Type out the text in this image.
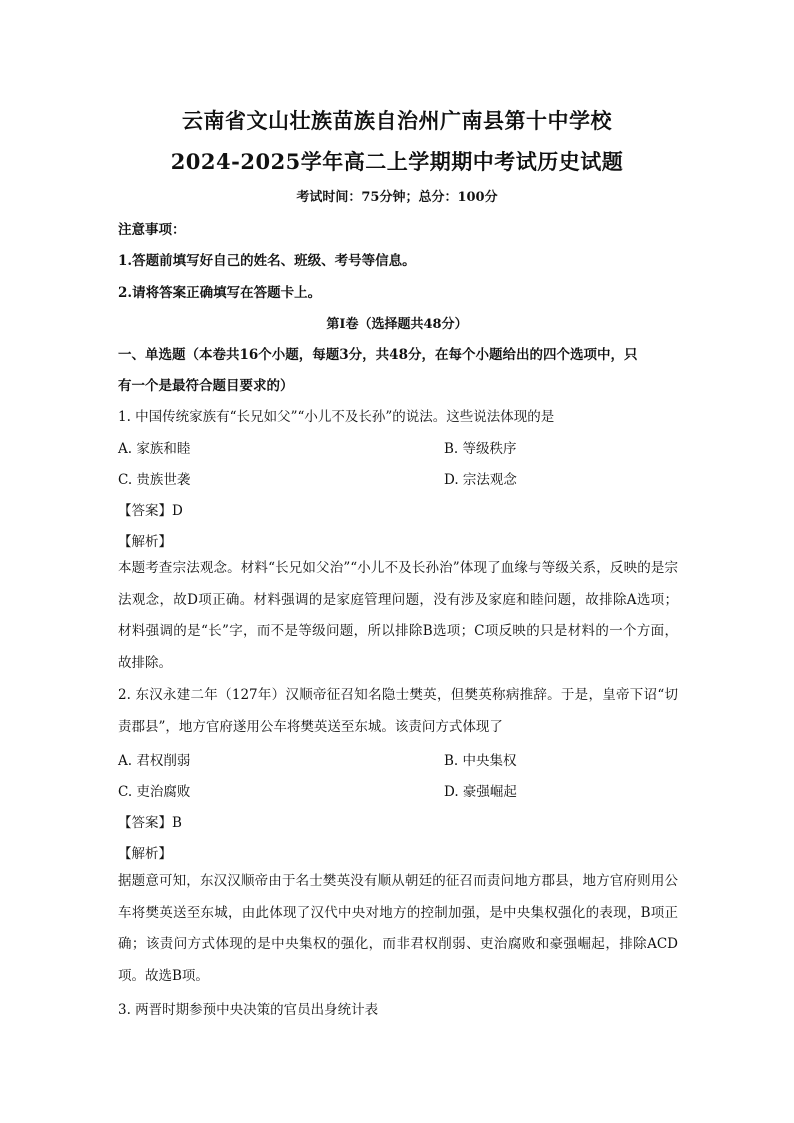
云南省文山壮族苗族自治州广南县第十中学校
2024-2025学年高二上学期期中考试历史试题
考试时间：75分钟；总分：100分
注意事项：
1.答题前填写好自己的姓名、班级、考号等信息。
2.请将答案正确填写在答题卡上。
第Ⅰ卷（选择题共48分）
一、单选题（本卷共16个小题，每题3分，共48分，在每个小题给出的四个选项中，只
有一个是最符合题目要求的）
1. 中国传统家族有“长兄如父”“小儿不及长孙”的说法。这些说法体现的是
A. 家族和睦	B. 等级秩序
C. 贵族世袭	D. 宗法观念
【答案】D
【解析】
本题考查宗法观念。材料“长兄如父治”“小儿不及长孙治”体现了血缘与等级关系，反映的是宗法观念，故D项正确。材料强调的是家庭管理问题，没有涉及家庭和睦问题，故排除A选项；材料强调的是“长”字，而不是等级问题，所以排除B选项；C项反映的只是材料的一个方面，故排除。
2. 东汉永建二年（127年）汉顺帝征召知名隐士樊英，但樊英称病推辞。于是，皇帝下诏“切责郡县”，地方官府遂用公车将樊英送至东城。该责问方式体现了
A. 君权削弱	B. 中央集权
C. 吏治腐败	D. 豪强崛起
【答案】B
【解析】
据题意可知，东汉汉顺帝由于名士樊英没有顺从朝廷的征召而责问地方郡县，地方官府则用公车将樊英送至东城，由此体现了汉代中央对地方的控制加强，是中央集权强化的表现，B项正确；该责问方式体现的是中央集权的强化，而非君权削弱、吏治腐败和豪强崛起，排除ACD项。故选B项。
3. 两晋时期参预中央决策的官员出身统计表
